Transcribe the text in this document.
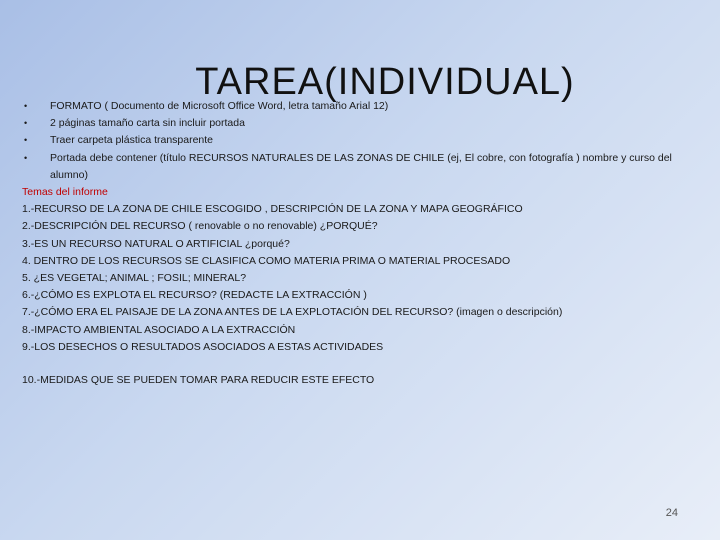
TAREA(INDIVIDUAL)
• FORMATO ( Documento de Microsoft Office Word, letra tamaño Arial 12)
• 2 páginas tamaño carta sin incluir portada
• Traer carpeta plástica transparente
• Portada debe contener (título RECURSOS NATURALES DE LAS ZONAS DE CHILE (ej, El cobre, con fotografía ) nombre y curso del alumno)
Temas del informe
1.-RECURSO DE LA ZONA DE CHILE ESCOGIDO , DESCRIPCIÓN DE LA ZONA Y MAPA GEOGRÁFICO
2.-DESCRIPCIÓN DEL RECURSO ( renovable o no renovable) ¿PORQUÉ?
3.-ES UN RECURSO NATURAL O ARTIFICIAL ¿porqué?
4. DENTRO DE LOS RECURSOS SE CLASIFICA COMO MATERIA PRIMA O MATERIAL PROCESADO
5. ¿ES VEGETAL; ANIMAL ; FOSIL; MINERAL?
6.-¿CÓMO ES EXPLOTA EL RECURSO? (REDACTE LA EXTRACCIÓN )
7.-¿CÓMO ERA EL PAISAJE DE LA ZONA ANTES DE LA EXPLOTACIÓN DEL RECURSO? (imagen o descripción)
8.-IMPACTO AMBIENTAL ASOCIADO A LA EXTRACCIÓN
9.-LOS DESECHOS O RESULTADOS ASOCIADOS A ESTAS ACTIVIDADES
10.-MEDIDAS QUE SE PUEDEN TOMAR PARA REDUCIR ESTE EFECTO
24
